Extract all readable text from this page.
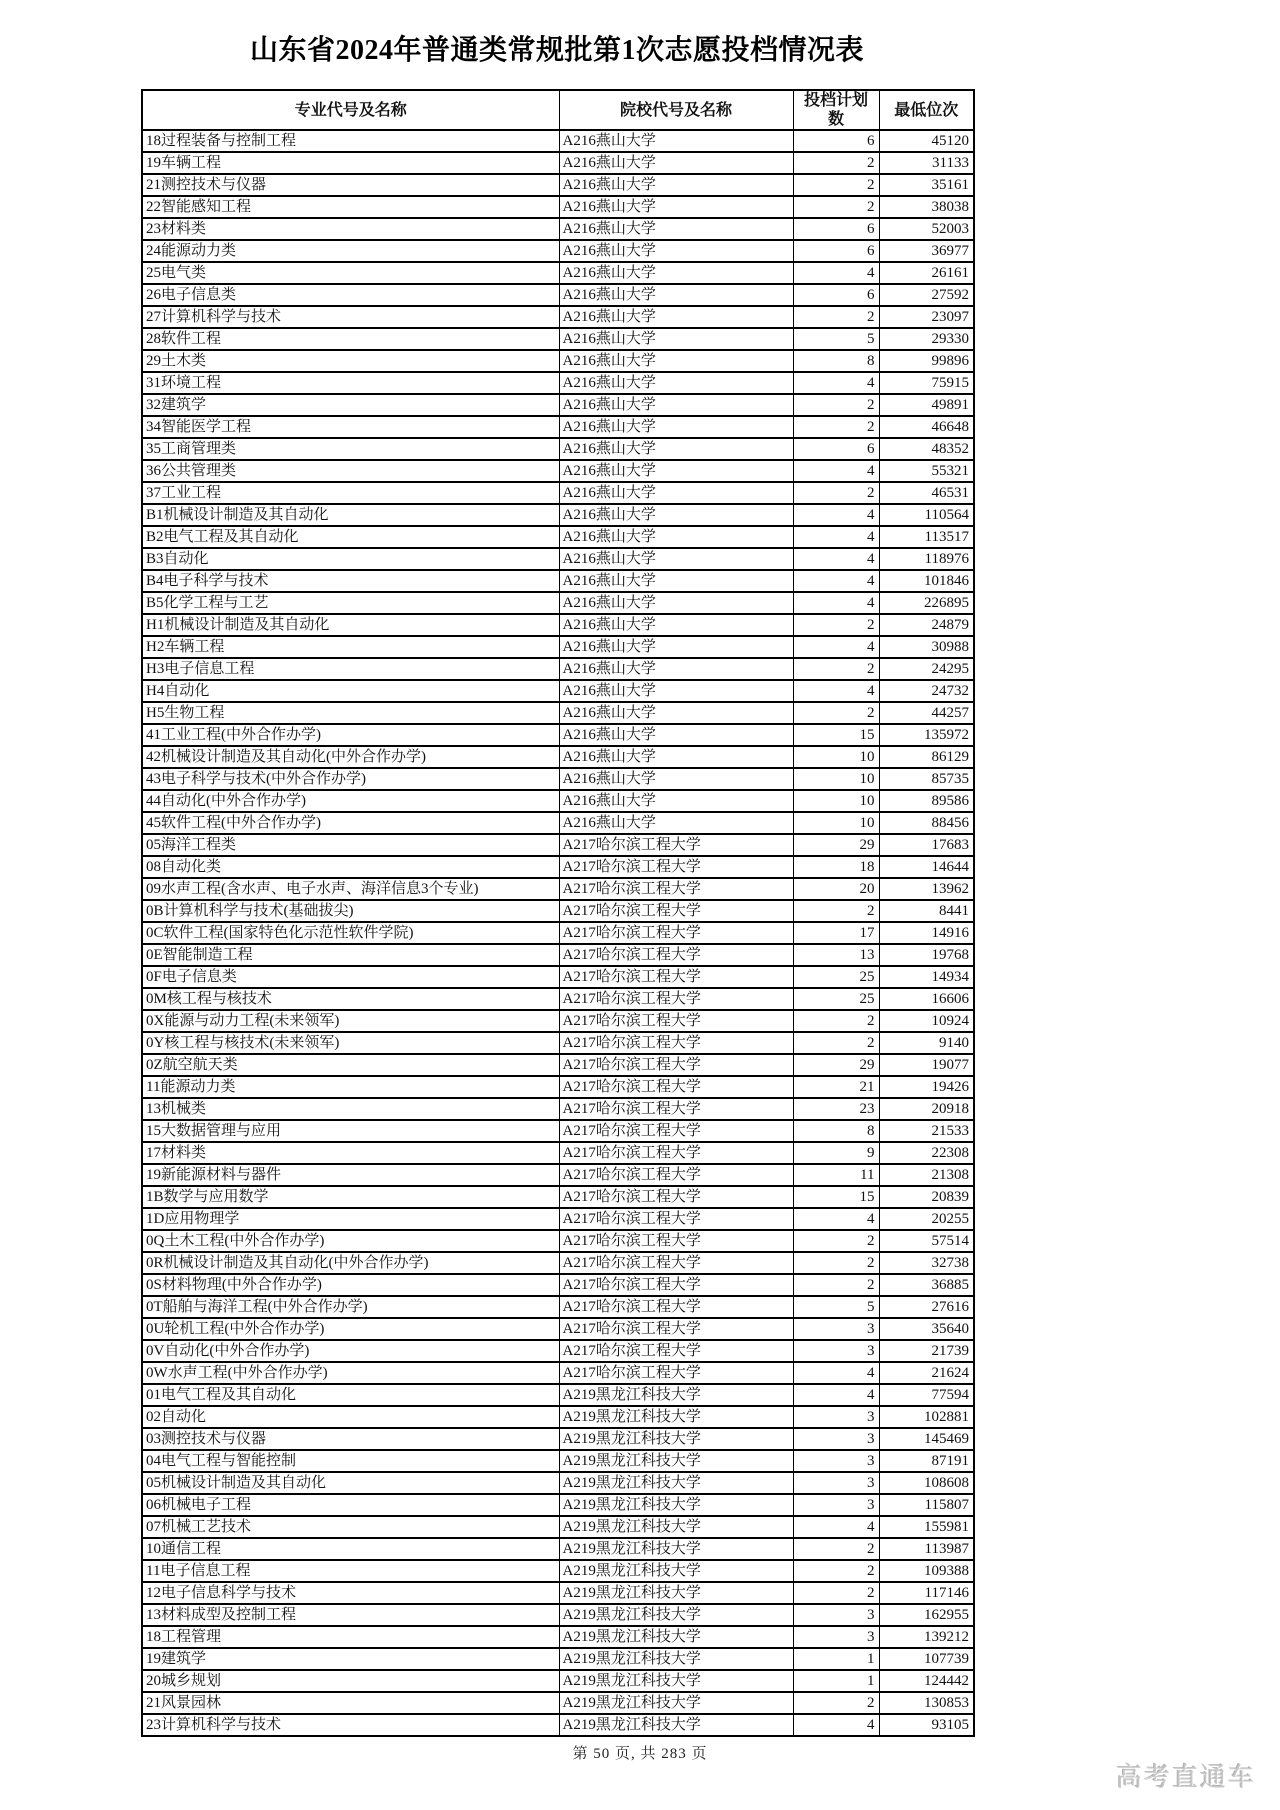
山东省2024年普通类常规批第1次志愿投档情况表
专业代号及名称	院校代号及名称	投档计划数	最低位次
18过程装备与控制工程	A216燕山大学	6	45120
19车辆工程	A216燕山大学	2	31133
21测控技术与仪器	A216燕山大学	2	35161
22智能感知工程	A216燕山大学	2	38038
23材料类	A216燕山大学	6	52003
24能源动力类	A216燕山大学	6	36977
25电气类	A216燕山大学	4	26161
26电子信息类	A216燕山大学	6	27592
27计算机科学与技术	A216燕山大学	2	23097
28软件工程	A216燕山大学	5	29330
29土木类	A216燕山大学	8	99896
31环境工程	A216燕山大学	4	75915
32建筑学	A216燕山大学	2	49891
34智能医学工程	A216燕山大学	2	46648
35工商管理类	A216燕山大学	6	48352
36公共管理类	A216燕山大学	4	55321
37工业工程	A216燕山大学	2	46531
B1机械设计制造及其自动化	A216燕山大学	4	110564
B2电气工程及其自动化	A216燕山大学	4	113517
B3自动化	A216燕山大学	4	118976
B4电子科学与技术	A216燕山大学	4	101846
B5化学工程与工艺	A216燕山大学	4	226895
H1机械设计制造及其自动化	A216燕山大学	2	24879
H2车辆工程	A216燕山大学	4	30988
H3电子信息工程	A216燕山大学	2	24295
H4自动化	A216燕山大学	4	24732
H5生物工程	A216燕山大学	2	44257
41工业工程(中外合作办学)	A216燕山大学	15	135972
42机械设计制造及其自动化(中外合作办学)	A216燕山大学	10	86129
43电子科学与技术(中外合作办学)	A216燕山大学	10	85735
44自动化(中外合作办学)	A216燕山大学	10	89586
45软件工程(中外合作办学)	A216燕山大学	10	88456
05海洋工程类	A217哈尔滨工程大学	29	17683
08自动化类	A217哈尔滨工程大学	18	14644
09水声工程(含水声、电子水声、海洋信息3个专业)	A217哈尔滨工程大学	20	13962
0B计算机科学与技术(基础拔尖)	A217哈尔滨工程大学	2	8441
0C软件工程(国家特色化示范性软件学院)	A217哈尔滨工程大学	17	14916
0E智能制造工程	A217哈尔滨工程大学	13	19768
0F电子信息类	A217哈尔滨工程大学	25	14934
0M核工程与核技术	A217哈尔滨工程大学	25	16606
0X能源与动力工程(未来领军)	A217哈尔滨工程大学	2	10924
0Y核工程与核技术(未来领军)	A217哈尔滨工程大学	2	9140
0Z航空航天类	A217哈尔滨工程大学	29	19077
11能源动力类	A217哈尔滨工程大学	21	19426
13机械类	A217哈尔滨工程大学	23	20918
15大数据管理与应用	A217哈尔滨工程大学	8	21533
17材料类	A217哈尔滨工程大学	9	22308
19新能源材料与器件	A217哈尔滨工程大学	11	21308
1B数学与应用数学	A217哈尔滨工程大学	15	20839
1D应用物理学	A217哈尔滨工程大学	4	20255
0Q土木工程(中外合作办学)	A217哈尔滨工程大学	2	57514
0R机械设计制造及其自动化(中外合作办学)	A217哈尔滨工程大学	2	32738
0S材料物理(中外合作办学)	A217哈尔滨工程大学	2	36885
0T船舶与海洋工程(中外合作办学)	A217哈尔滨工程大学	5	27616
0U轮机工程(中外合作办学)	A217哈尔滨工程大学	3	35640
0V自动化(中外合作办学)	A217哈尔滨工程大学	3	21739
0W水声工程(中外合作办学)	A217哈尔滨工程大学	4	21624
01电气工程及其自动化	A219黑龙江科技大学	4	77594
02自动化	A219黑龙江科技大学	3	102881
03测控技术与仪器	A219黑龙江科技大学	3	145469
04电气工程与智能控制	A219黑龙江科技大学	3	87191
05机械设计制造及其自动化	A219黑龙江科技大学	3	108608
06机械电子工程	A219黑龙江科技大学	3	115807
07机械工艺技术	A219黑龙江科技大学	4	155981
10通信工程	A219黑龙江科技大学	2	113987
11电子信息工程	A219黑龙江科技大学	2	109388
12电子信息科学与技术	A219黑龙江科技大学	2	117146
13材料成型及控制工程	A219黑龙江科技大学	3	162955
18工程管理	A219黑龙江科技大学	3	139212
19建筑学	A219黑龙江科技大学	1	107739
20城乡规划	A219黑龙江科技大学	1	124442
21风景园林	A219黑龙江科技大学	2	130853
23计算机科学与技术	A219黑龙江科技大学	4	93105
第 50 页, 共 283 页
高考直通车
